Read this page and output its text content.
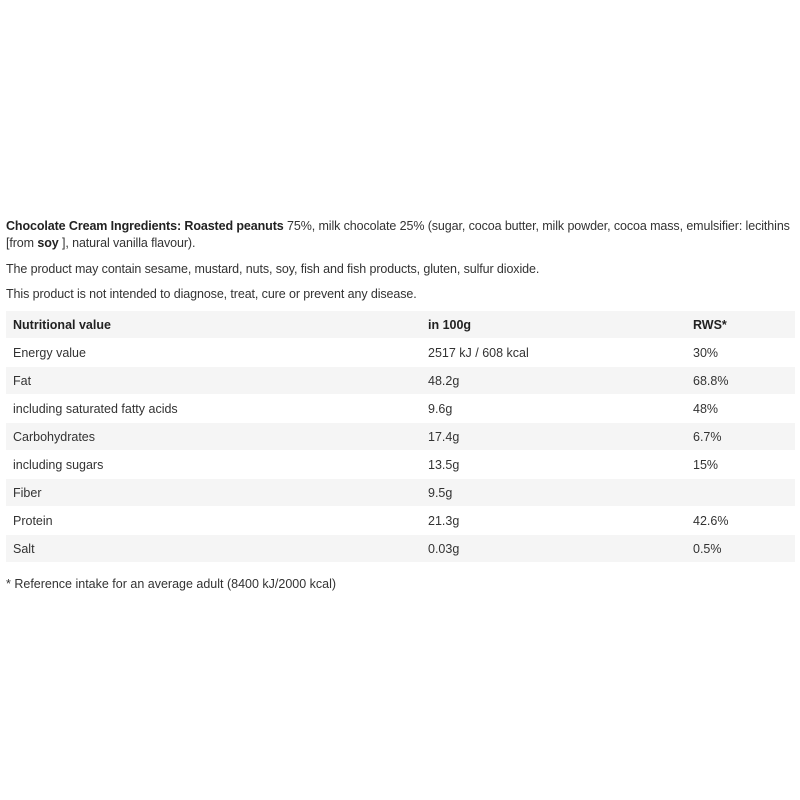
Chocolate Cream Ingredients: Roasted peanuts 75%, milk chocolate 25% (sugar, cocoa butter, milk powder, cocoa mass, emulsifier: lecithins [from soy ], natural vanilla flavour).

The product may contain sesame, mustard, nuts, soy, fish and fish products, gluten, sulfur dioxide.

This product is not intended to diagnose, treat, cure or prevent any disease.

Nutritional value	in 100g	RWS*
Energy value	2517 kJ / 608 kcal	30%
Fat	48.2g	68.8%
including saturated fatty acids	9.6g	48%
Carbohydrates	17.4g	6.7%
including sugars	13.5g	15%
Fiber	9.5g	
Protein	21.3g	42.6%
Salt	0.03g	0.5%

* Reference intake for an average adult (8400 kJ/2000 kcal)
